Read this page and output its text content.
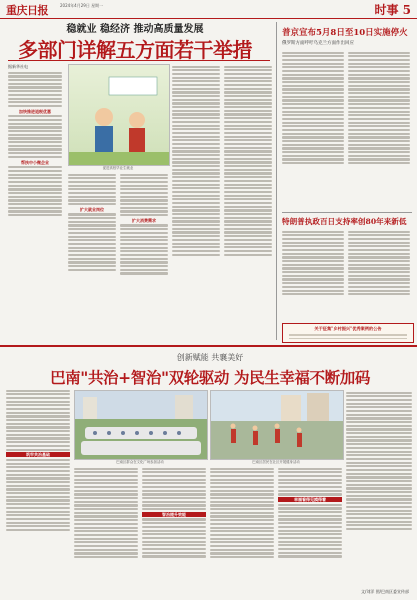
重庆日报	2024年4月29日 星期一	时事 5
稳就业 稳经济 推动高质量发展
多部门详解五方面若干举措
据新华社电
加快推进退税优惠
帮扶中小微企业
促进高校毕业生就业
扩大就业岗位
扩大消费需求
普京宣布5月8日至10日实施停火
俄罗斯方面呼吁乌克兰方面作出回应
特朗普执政百日支持率创80年来新低
关于征集"乡村振兴"优秀案例的公告
创新赋能 共襄美好
巴南"共治+智治"双轮驱动 为民生幸福不断加码
筑牢共治基础
巴南区群众在文化广场参加活动	巴南区居民在社区开展健身活动
智治提升效能
幸福看得见摸得着
文/刘洋 图/巴南区委宣传部
